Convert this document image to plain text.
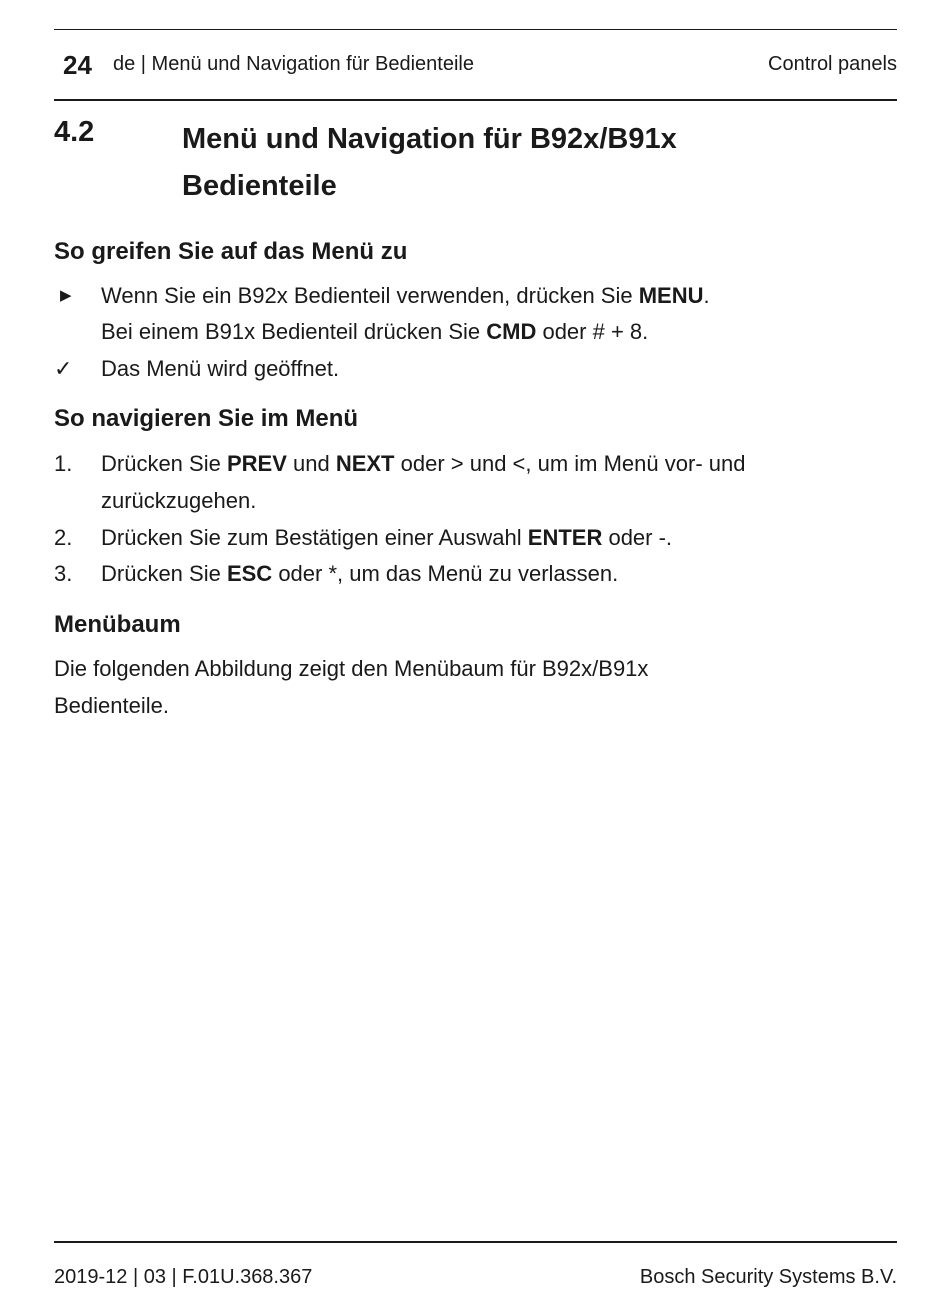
24 de | Menü und Navigation für Bedienteile	Control panels
4.2	Menü und Navigation für B92x/B91x Bedienteile
So greifen Sie auf das Menü zu
▶ Wenn Sie ein B92x Bedienteil verwenden, drücken Sie MENU.
Bei einem B91x Bedienteil drücken Sie CMD oder # + 8.
✓ Das Menü wird geöffnet.
So navigieren Sie im Menü
1. Drücken Sie PREV und NEXT oder > und <, um im Menü vor- und
zurückzugehen.
2. Drücken Sie zum Bestätigen einer Auswahl ENTER oder -.
3. Drücken Sie ESC oder *, um das Menü zu verlassen.
Menübaum
Die folgenden Abbildung zeigt den Menübaum für B92x/B91x
Bedienteile.
2019-12 | 03 | F.01U.368.367	Bosch Security Systems B.V.
